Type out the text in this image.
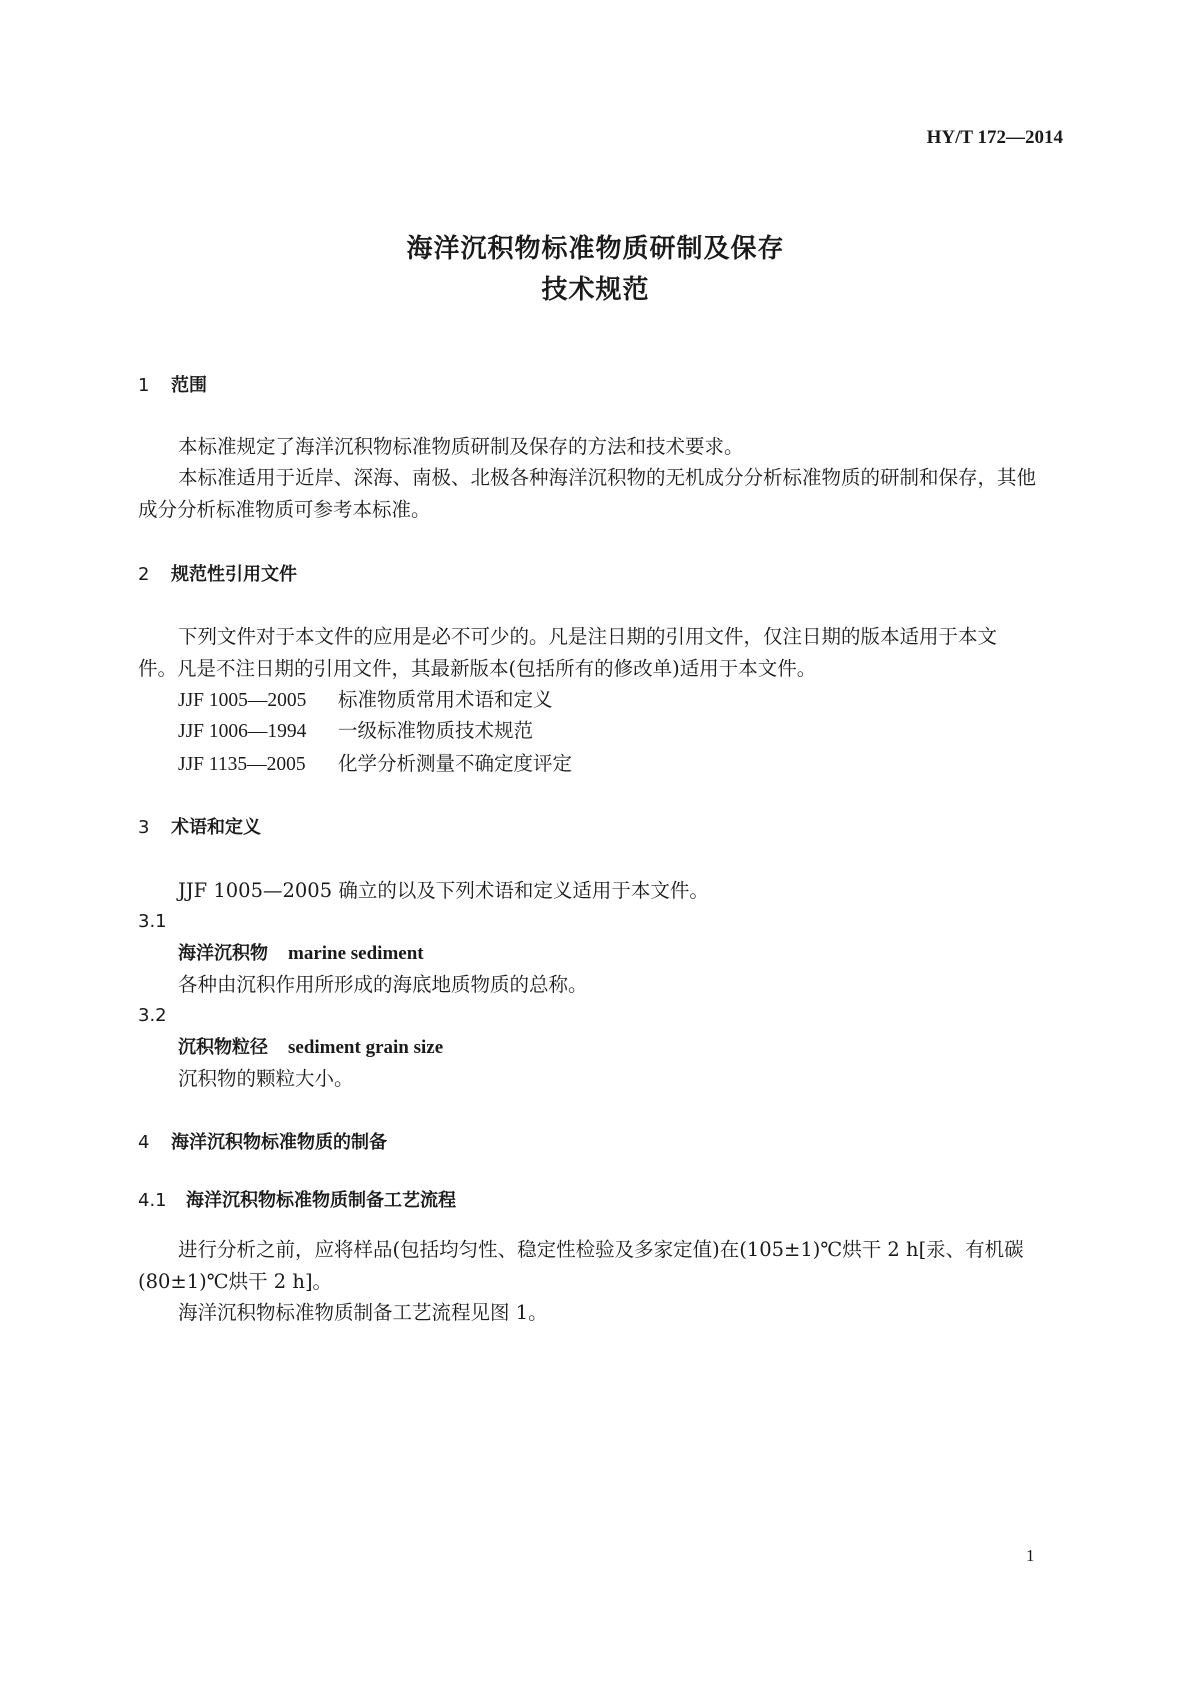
HY/T 172—2014
海洋沉积物标准物质研制及保存
技术规范
1 范围
本标准规定了海洋沉积物标准物质研制及保存的方法和技术要求。
本标准适用于近岸、深海、南极、北极各种海洋沉积物的无机成分分析标准物质的研制和保存，其他
成分分析标准物质可参考本标准。
2 规范性引用文件
下列文件对于本文件的应用是必不可少的。凡是注日期的引用文件，仅注日期的版本适用于本文
件。凡是不注日期的引用文件，其最新版本(包括所有的修改单)适用于本文件。
JJF 1005—2005 标准物质常用术语和定义
JJF 1006—1994 一级标准物质技术规范
JJF 1135—2005 化学分析测量不确定度评定
3 术语和定义
JJF 1005—2005 确立的以及下列术语和定义适用于本文件。
3.1
海洋沉积物 marine sediment
各种由沉积作用所形成的海底地质物质的总称。
3.2
沉积物粒径 sediment grain size
沉积物的颗粒大小。
4 海洋沉积物标准物质的制备
4.1 海洋沉积物标准物质制备工艺流程
进行分析之前，应将样品(包括均匀性、稳定性检验及多家定值)在(105±1)℃烘干 2 h[汞、有机碳
(80±1)℃烘干 2 h]。
海洋沉积物标准物质制备工艺流程见图 1。
1
